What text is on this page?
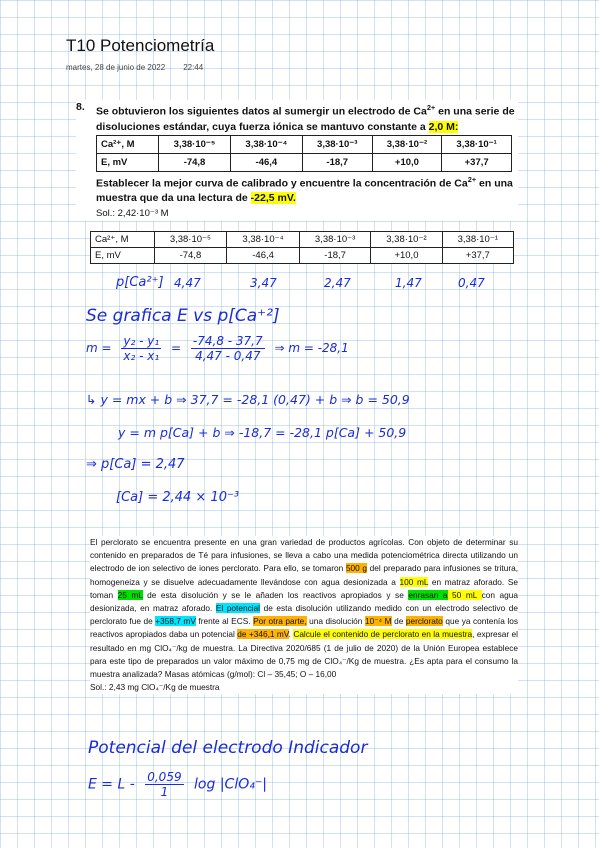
T10 Potenciometría
martes, 28 de junio de 2022 22:44
8. Se obtuvieron los siguientes datos al sumergir un electrodo de $Ca^{2+}$ en una serie de disoluciones estándar, cuya fuerza iónica se mantuvo constante a 2,0 M:
Ca²⁺, M	3,38·10⁻⁵	3,38·10⁻⁴	3,38·10⁻³	3,38·10⁻²	3,38·10⁻¹
E, mV	-74,8	-46,4	-18,7	+10,0	+37,7
Establecer la mejor curva de calibrado y encuentre la concentración de $Ca^{2+}$ en una muestra que da una lectura de -22,5 mV.
Sol.: 2,42·10⁻³ M
Ca²⁺, M	3,38·10⁻⁵	3,38·10⁻⁴	3,38·10⁻³	3,38·10⁻²	3,38·10⁻¹
E, mV	-74,8	-46,4	-18,7	+10,0	+37,7
p[Ca²⁺] 4,47	3,47	2,47	1,47	0,47
Se grafica E vs p[Ca⁺²]
$m = \frac{\text{y₂ - y₁}}{\text{x₂ - x₁}} = \frac{-74,8 - 37,7}{4,47 - 0,47}$ ⇒ m = -28,1
↳ y = mx + b ⇒ 37,7 = -28,1 (0,47) + b ⇒ b = 50,9
y = m p[Ca] + b ⇒ -18,7 = -28,1 p[Ca] + 50,9
⇒ p[Ca] = 2,47
[Ca] = 2,44 × 10⁻³
El perclorato se encuentra presente en una gran variedad de productos agrícolas. Con objeto de determinar su contenido en preparados de Té para infusiones, se lleva a cabo una medida potenciométrica directa utilizando un electrodo de ion selectivo de iones perclorato. Para ello, se tomaron 500 g del preparado para infusiones se tritura, homogeneiza y se disuelve adecuadamente llevándose con agua desionizada a 100 mL en matraz aforado. Se toman 25 mL de esta disolución y se le añaden los reactivos apropiados y se enrasan a 50 mL con agua desionizada, en matraz aforado. El potencial de esta disolución utilizando medido con un electrodo selectivo de perclorato fue de +358,7 mV frente al ECS. Por otra parte, una disolución 10⁻⁴ M de perclorato que ya contenía los reactivos apropiados daba un potencial de +346,1 mV. Calcule el contenido de perclorato en la muestra, expresar el resultado en mg ClO₄⁻/kg de muestra. La Directiva 2020/685 (1 de julio de 2020) de la Unión Europea establece para este tipo de preparados un valor máximo de 0,75 mg de ClO₄⁻/Kg de muestra. ¿Es apta para el consumo la muestra analizada? Masas atómicas (g/mol): Cl – 35,45; O – 16,00
Sol.: 2,43 mg ClO₄⁻/Kg de muestra
Potencial del electrodo Indicador
$E = L - \frac{0,059}{1}$ log |ClO₄⁻|
